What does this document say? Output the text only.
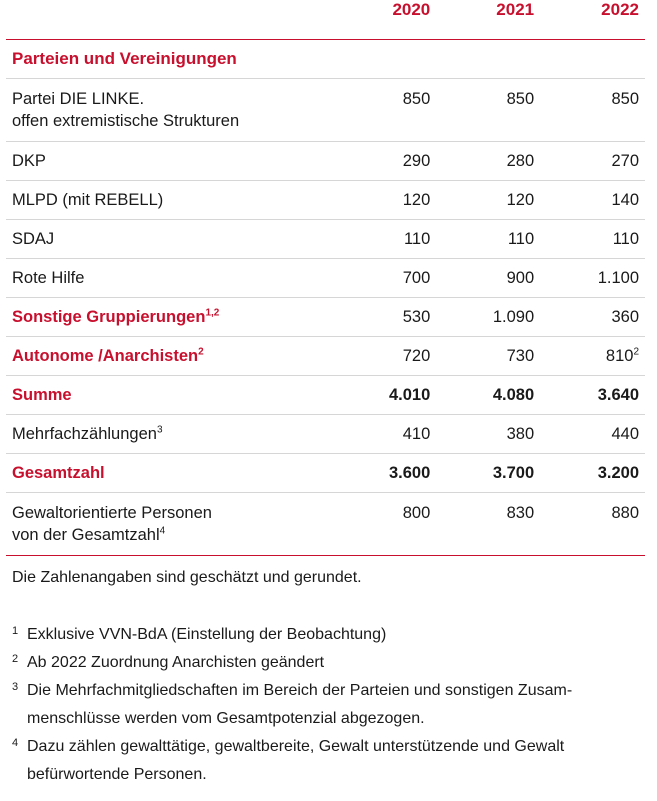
	2020	2021	2022
Parteien und Vereinigungen			
Partei DIE LINKE.
offen extremistische Strukturen	850	850	850
DKP	290	280	270
MLPD (mit REBELL)	120	120	140
SDAJ	110	110	110
Rote Hilfe	700	900	1.100
Sonstige Gruppierungen$^{1,2}$	530	1.090	360
Autonome /Anarchisten$^2$	720	730	$810^2$
Summe	4.010	4.080	3.640
Mehrfachzählungen$^3$	410	380	440
Gesamtzahl	3.600	3.700	3.200
Gewaltorientierte Personen
von der Gesamtzahl$^4$	800	830	880
Die Zahlenangaben sind geschätzt und gerundet.
1 Exklusive VVN-BdA (Einstellung der Beobachtung)
2 Ab 2022 Zuordnung Anarchisten geändert
3 Die Mehrfachmitgliedschaften im Bereich der Parteien und sonstigen Zusam-
menschlüsse werden vom Gesamtpotenzial abgezogen.
4 Dazu zählen gewalttätige, gewaltbereite, Gewalt unterstützende und Gewalt
befürwortende Personen.
